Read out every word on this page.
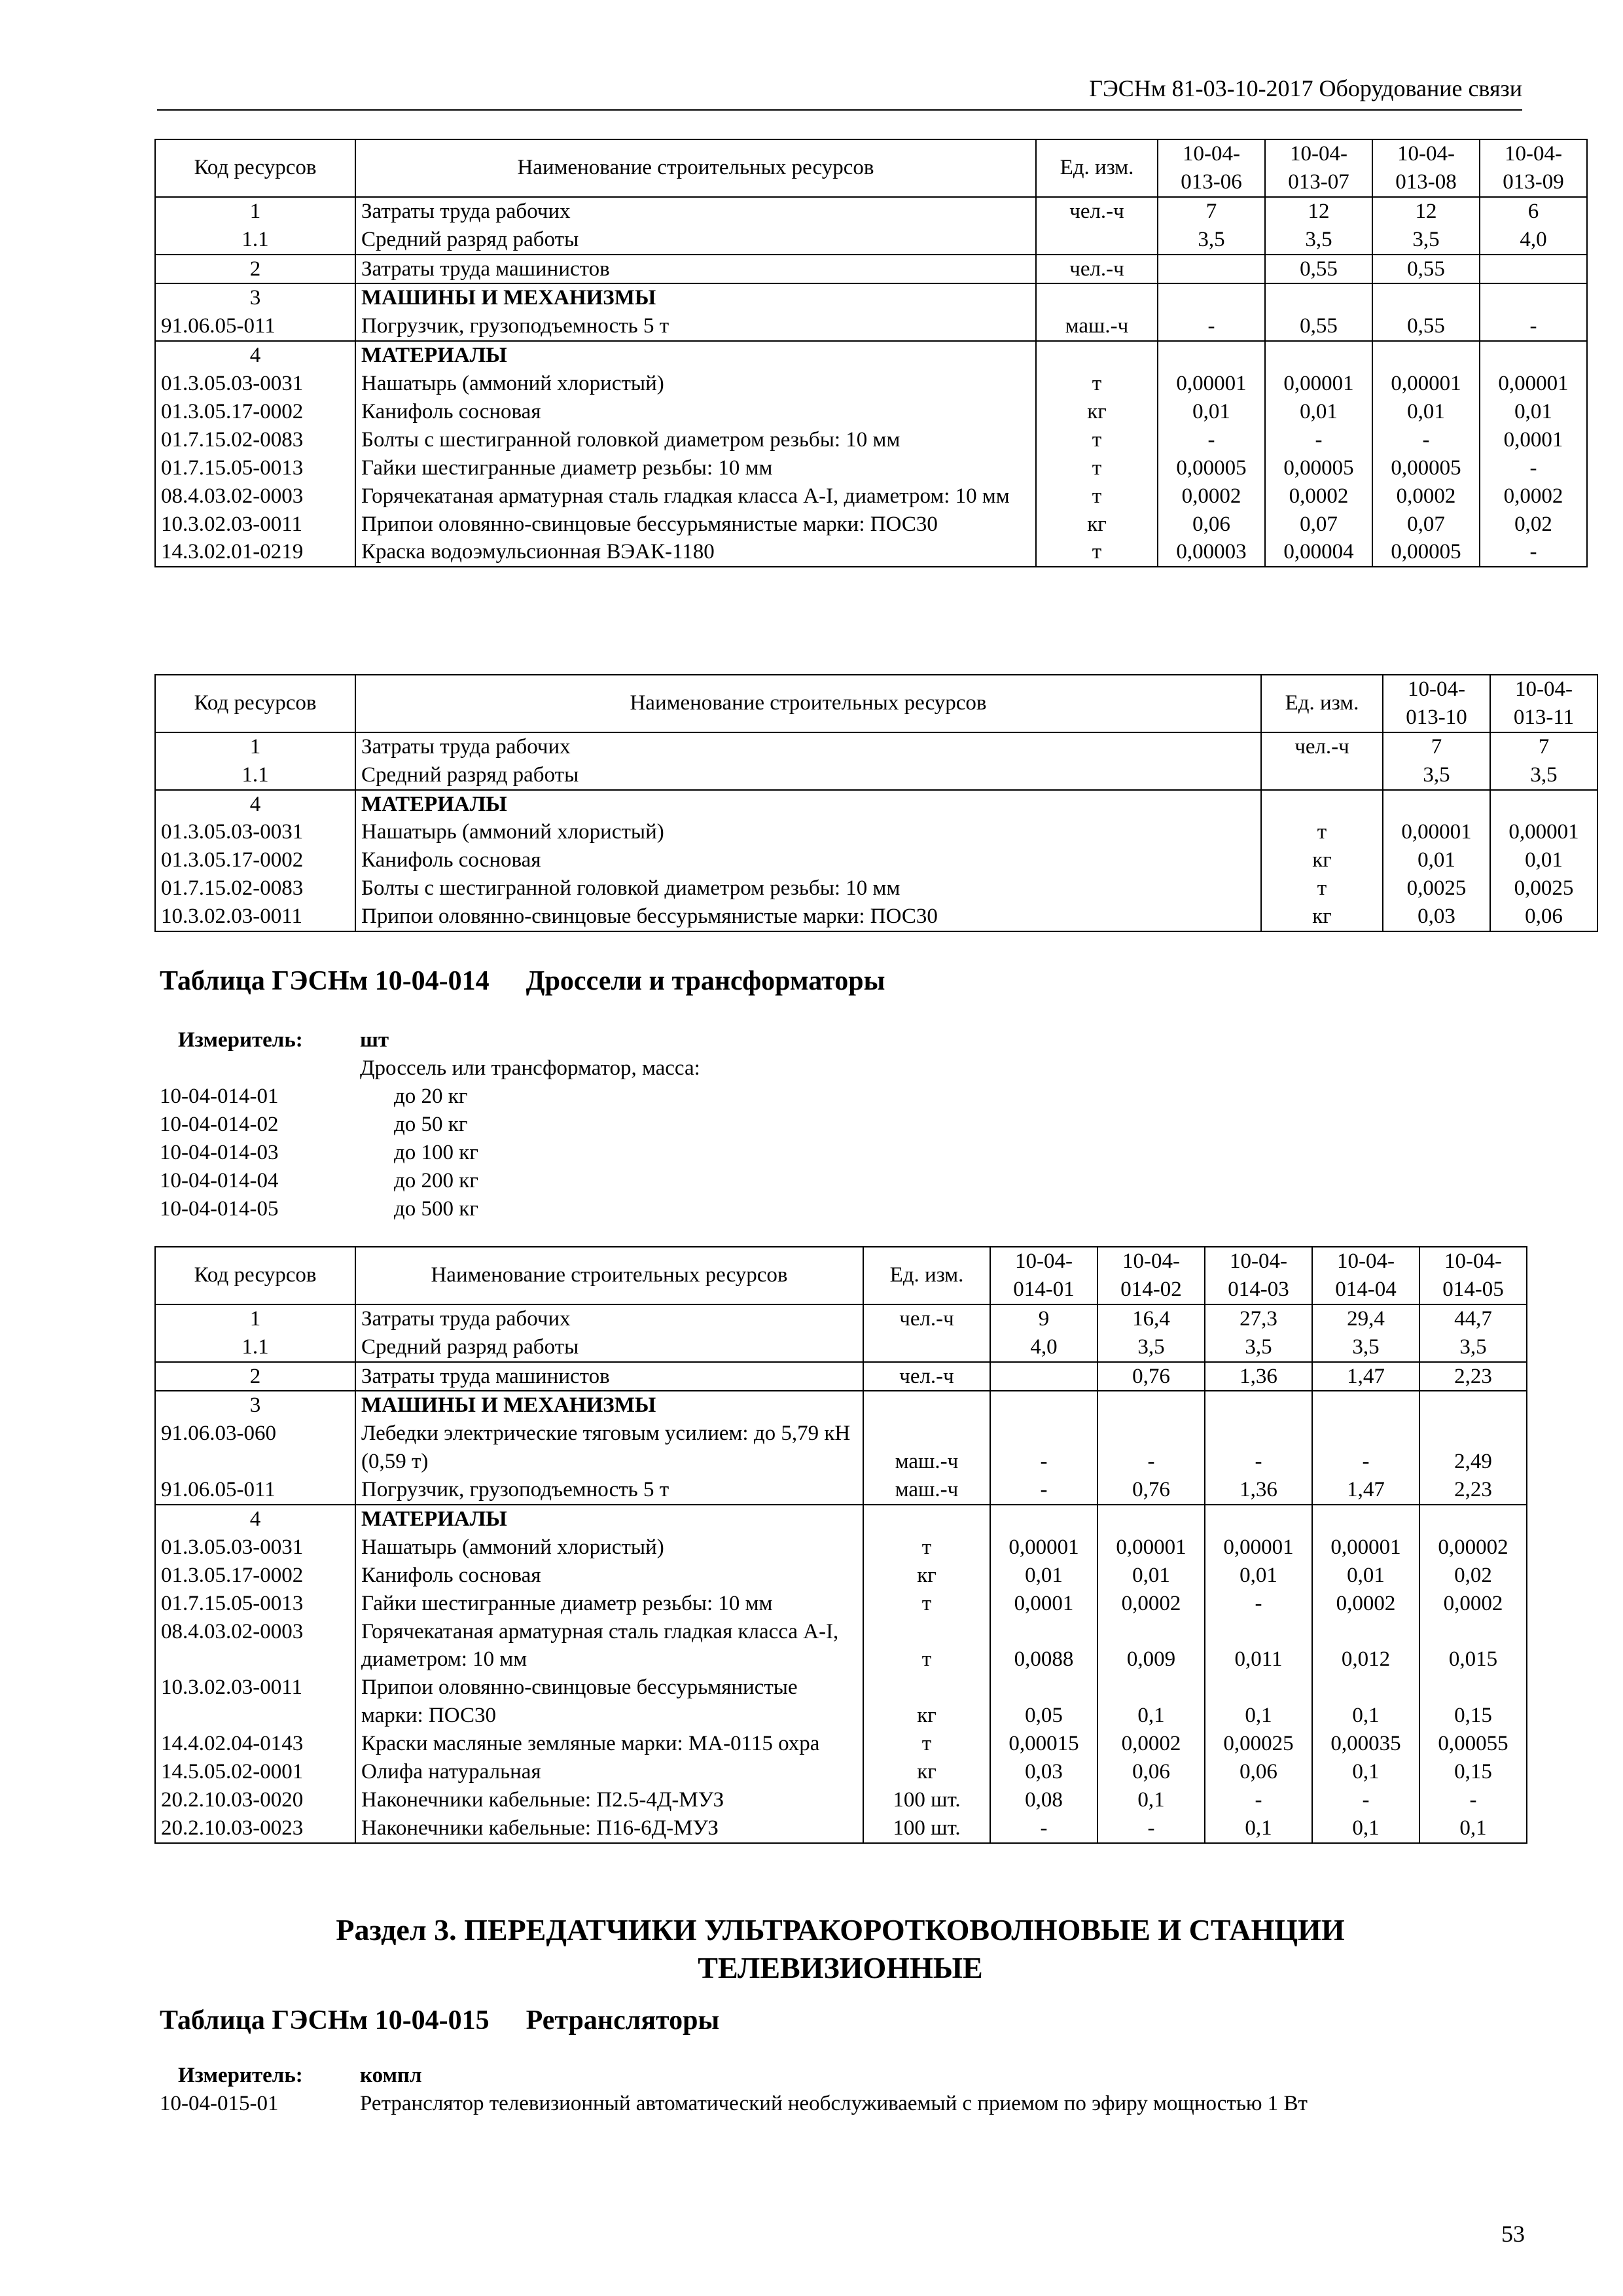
ГЭСНм 81-03-10-2017 Оборудование связи
Код ресурсов	Наименование строительных ресурсов	Ед. изм.	10-04-013-06	10-04-013-07	10-04-013-08	10-04-013-09
1	Затраты труда рабочих	чел.-ч	7	12	12	6
1.1	Средний разряд работы		3,5	3,5	3,5	4,0
2	Затраты труда машинистов	чел.-ч		0,55	0,55	
3	МАШИНЫ И МЕХАНИЗМЫ					
91.06.05-011	Погрузчик, грузоподъемность 5 т	маш.-ч	-	0,55	0,55	-
4	МАТЕРИАЛЫ					
01.3.05.03-0031	Нашатырь (аммоний хлористый)	т	0,00001	0,00001	0,00001	0,00001
01.3.05.17-0002	Канифоль сосновая	кг	0,01	0,01	0,01	0,01
01.7.15.02-0083	Болты с шестигранной головкой диаметром резьбы: 10 мм	т	-	-	-	0,0001
01.7.15.05-0013	Гайки шестигранные диаметр резьбы: 10 мм	т	0,00005	0,00005	0,00005	-
08.4.03.02-0003	Горячекатаная арматурная сталь гладкая класса А-I, диаметром: 10 мм	т	0,0002	0,0002	0,0002	0,0002
10.3.02.03-0011	Припои оловянно-свинцовые бессурьмянистые марки: ПОС30	кг	0,06	0,07	0,07	0,02
14.3.02.01-0219	Краска водоэмульсионная ВЭАК-1180	т	0,00003	0,00004	0,00005	-
Код ресурсов	Наименование строительных ресурсов	Ед. изм.	10-04-013-10	10-04-013-11
1	Затраты труда рабочих	чел.-ч	7	7
1.1	Средний разряд работы		3,5	3,5
4	МАТЕРИАЛЫ			
01.3.05.03-0031	Нашатырь (аммоний хлористый)	т	0,00001	0,00001
01.3.05.17-0002	Канифоль сосновая	кг	0,01	0,01
01.7.15.02-0083	Болты с шестигранной головкой диаметром резьбы: 10 мм	т	0,0025	0,0025
10.3.02.03-0011	Припои оловянно-свинцовые бессурьмянистые марки: ПОС30	кг	0,03	0,06
Таблица ГЭСНм 10-04-014 Дроссели и трансформаторы
Измеритель:	шт
Дроссель или трансформатор, масса:
10-04-014-01	до 20 кг
10-04-014-02	до 50 кг
10-04-014-03	до 100 кг
10-04-014-04	до 200 кг
10-04-014-05	до 500 кг
Код ресурсов	Наименование строительных ресурсов	Ед. изм.	10-04-014-01	10-04-014-02	10-04-014-03	10-04-014-04	10-04-014-05
1	Затраты труда рабочих	чел.-ч	9	16,4	27,3	29,4	44,7
1.1	Средний разряд работы		4,0	3,5	3,5	3,5	3,5
2	Затраты труда машинистов	чел.-ч		0,76	1,36	1,47	2,23
3	МАШИНЫ И МЕХАНИЗМЫ						
91.06.03-060	Лебедки электрические тяговым усилием: до 5,79 кН (0,59 т)	маш.-ч	-	-	-	-	2,49
91.06.05-011	Погрузчик, грузоподъемность 5 т	маш.-ч	-	0,76	1,36	1,47	2,23
4	МАТЕРИАЛЫ						
01.3.05.03-0031	Нашатырь (аммоний хлористый)	т	0,00001	0,00001	0,00001	0,00001	0,00002
01.3.05.17-0002	Канифоль сосновая	кг	0,01	0,01	0,01	0,01	0,02
01.7.15.05-0013	Гайки шестигранные диаметр резьбы: 10 мм	т	0,0001	0,0002	-	0,0002	0,0002
08.4.03.02-0003	Горячекатаная арматурная сталь гладкая класса А-I, диаметром: 10 мм	т	0,0088	0,009	0,011	0,012	0,015
10.3.02.03-0011	Припои оловянно-свинцовые бессурьмянистые марки: ПОС30	кг	0,05	0,1	0,1	0,1	0,15
14.4.02.04-0143	Краски масляные земляные марки: МА-0115 охра	т	0,00015	0,0002	0,00025	0,00035	0,00055
14.5.05.02-0001	Олифа натуральная	кг	0,03	0,06	0,06	0,1	0,15
20.2.10.03-0020	Наконечники кабельные: П2.5-4Д-МУЗ	100 шт.	0,08	0,1	-	-	-
20.2.10.03-0023	Наконечники кабельные: П16-6Д-МУЗ	100 шт.	-	-	0,1	0,1	0,1
Раздел 3. ПЕРЕДАТЧИКИ УЛЬТРАКОРОТКОВОЛНОВЫЕ И СТАНЦИИ
ТЕЛЕВИЗИОННЫЕ
Таблица ГЭСНм 10-04-015 Ретрансляторы
Измеритель:	компл
10-04-015-01	Ретранслятор телевизионный автоматический необслуживаемый с приемом по эфиру мощностью 1 Вт
53
